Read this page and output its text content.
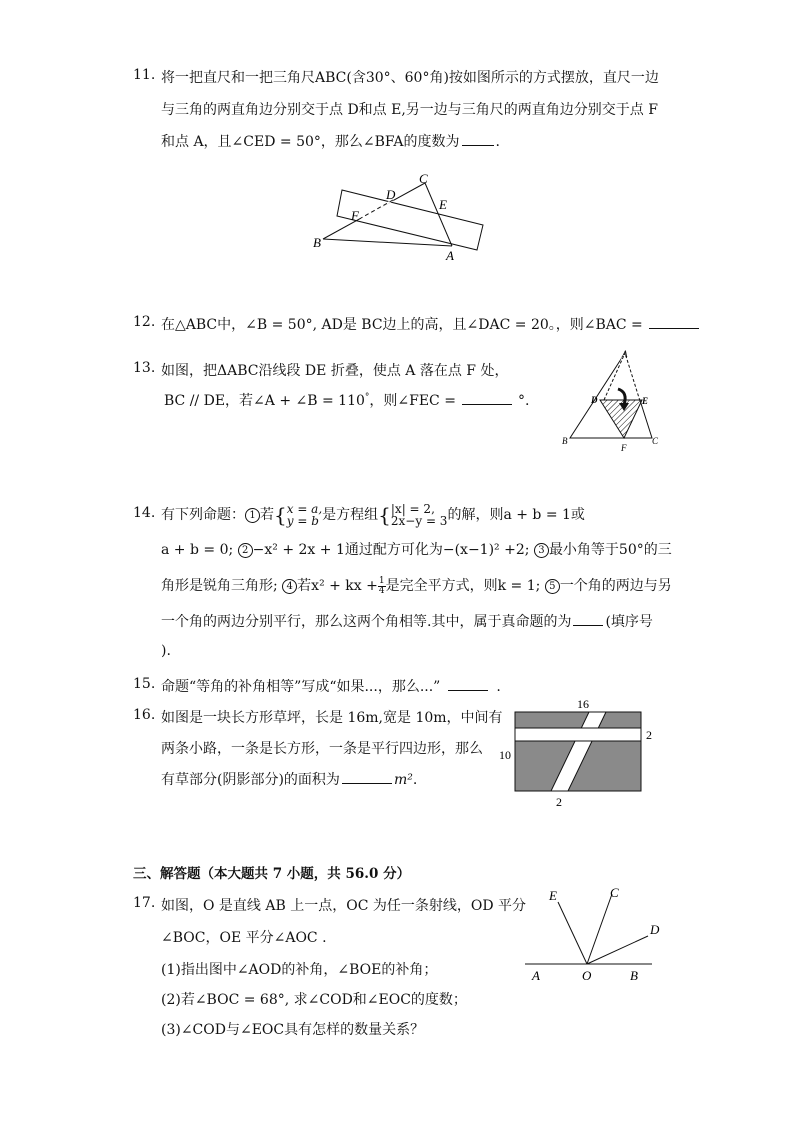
11. 将一把直尺和一把三角尺ABC(含30°、60°角)按如图所示的方式摆放，直尺一边
与三角的两直角边分别交于点 D和点 E,另一边与三角尺的两直角边分别交于点 F
和点 A，且∠CED = 50°，那么∠BFA的度数为	.
B
F
D
C
E
A
12. 在△ABC中，∠B = 50°, AD是 BC边上的高，且∠DAC = 20。，则∠BAC =
13. 如图，把ΔABC沿线段 DE 折叠，使点 A 落在点 F 处，
BC // DE，若∠A + ∠B = 110°，则∠FEC =	°.
A
D	E
B	C
F
14. 有下列命题： 1 若{ x = a,
y = b 是方程组{ |x| = 2,
2x−y = 3 的解，则a + b = 1或
a + b = 0; 2 −x² + 2x + 1通过配方可化为−(x−1)² +2; 3 最小角等于50°的三
角形是锐角三角形; 4 若x² + kx + $\frac{1}{4}$ 是完全平方式，则k = 1; 5 一个角的两边与另
一个角的两边分别平行，那么这两个角相等.其中，属于真命题的为 (填序号
).
15. 命题“等角的补角相等”写成“如果...，那么...”	.
16. 如图是一块长方形草坪，长是 16m,宽是 10m，中间有
两条小路，一条是长方形，一条是平行四边形，那么
有草部分(阴影部分)的面积为	m².
16
2
10
2
三、解答题（本大题共 7 小题，共 56.0 分）
17. 如图，O 是直线 AB 上一点，OC 为任一条射线，OD 平分
∠BOC，OE 平分∠AOC .
(1)指出图中∠AOD的补角，∠BOE的补角；
(2)若∠BOC = 68°, 求∠COD和∠EOC的度数；
(3)∠COD与∠EOC具有怎样的数量关系？
E	C
D
A	O	B
